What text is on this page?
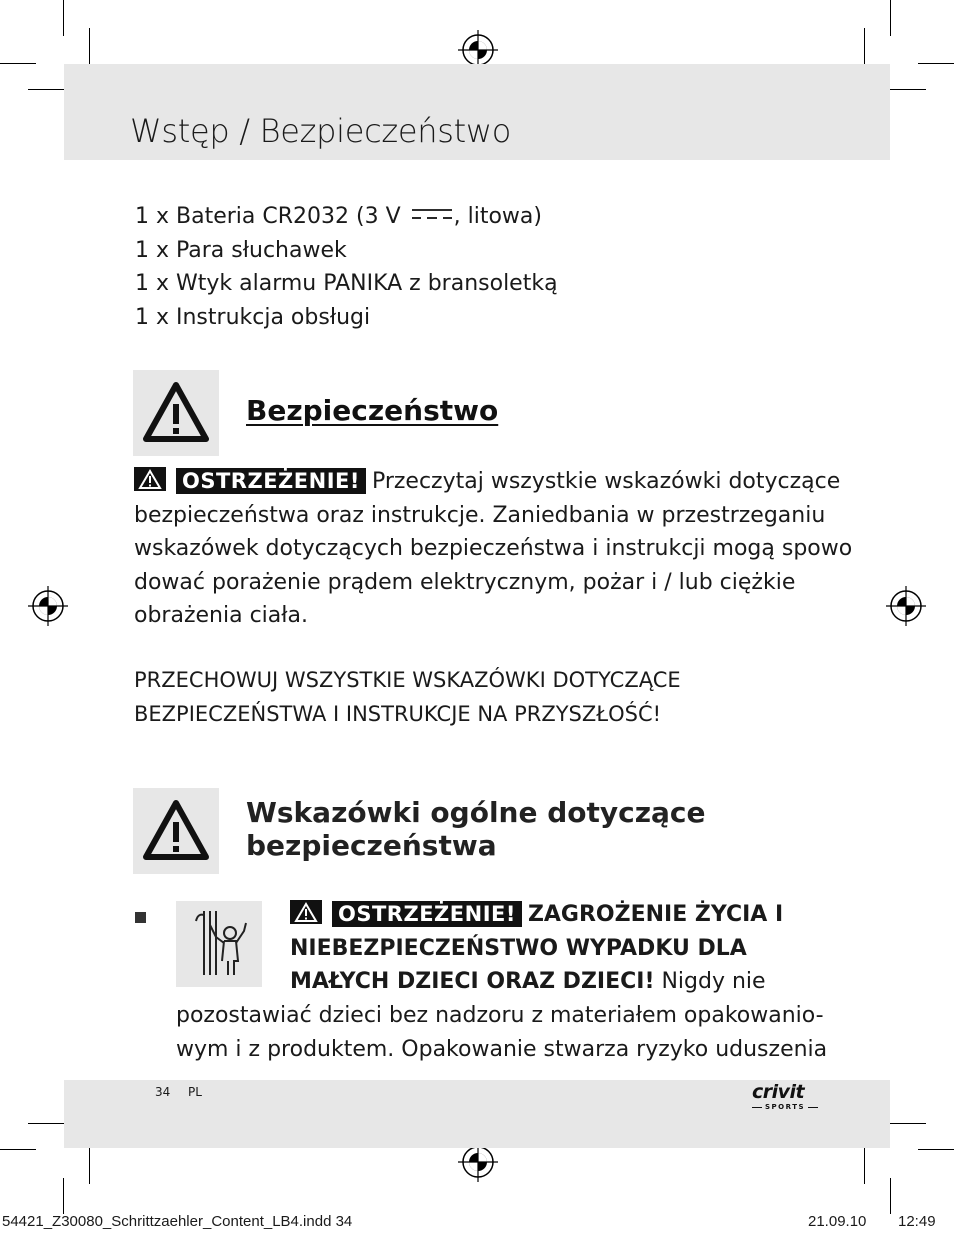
Wstęp / Bezpieczeństwo
1 x Bateria CR2032 (3 V , litowa)
1 x Para słuchawek
1 x Wtyk alarmu PANIKA z bransoletką
1 x Instrukcja obsługi
Bezpieczeństwo
OSTRZEŻENIE! Przeczytaj wszystkie wskazówki dotyczące
bezpieczeństwa oraz instrukcje. Zaniedbania w przestrzeganiu
wskazówek dotyczących bezpieczeństwa i instrukcji mogą spowo
dować porażenie prądem elektrycznym, pożar i / lub ciężkie
obrażenia ciała.
PRZECHOWUJ WSZYSTKIE WSKAZÓWKI DOTYCZĄCE
BEZPIECZEŃSTWA I INSTRUKCJE NA PRZYSZŁOŚĆ!
Wskazówki ogólne dotyczące
bezpieczeństwa
OSTRZEŻENIE! ZAGROŻENIE ŻYCIA I
NIEBEZPIECZEŃSTWO WYPADKU DLA
MAŁYCH DZIECI ORAZ DZIECI! Nigdy nie
pozostawiać dzieci bez nadzoru z materiałem opakowanio-
wym i z produktem. Opakowanie stwarza ryzyko uduszenia
34 PL	crivit
SPORTS
54421_Z30080_Schrittzaehler_Content_LB4.indd 34	21.09.10 12:49
